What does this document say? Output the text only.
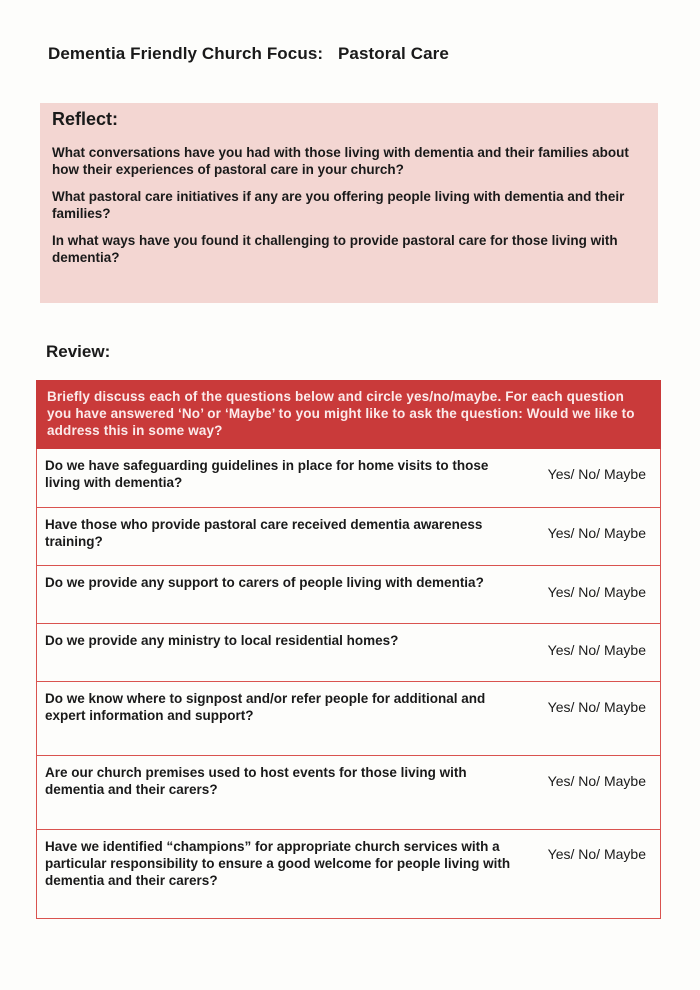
Dementia Friendly Church Focus: Pastoral Care
Reflect:

What conversations have you had with those living with dementia and their families about how their experiences of pastoral care in your church?

What pastoral care initiatives if any are you offering people living with dementia and their families?

In what ways have you found it challenging to provide pastoral care for those living with dementia?

Review:
Briefly discuss each of the questions below and circle yes/no/maybe. For each question you have answered ‘No’ or ‘Maybe’ to you might like to ask the question: Would we like to address this in some way?	
Do we have safeguarding guidelines in place for home visits to those living with dementia?	Yes/ No/ Maybe
Have those who provide pastoral care received dementia awareness training?	Yes/ No/ Maybe
Do we provide any support to carers of people living with dementia?	Yes/ No/ Maybe
Do we provide any ministry to local residential homes?	Yes/ No/ Maybe
Do we know where to signpost and/or refer people for additional and expert information and support?	Yes/ No/ Maybe
Are our church premises used to host events for those living with dementia and their carers?	Yes/ No/ Maybe
Have we identified “champions” for appropriate church services with a particular responsibility to ensure a good welcome for people living with dementia and their carers?	Yes/ No/ Maybe
